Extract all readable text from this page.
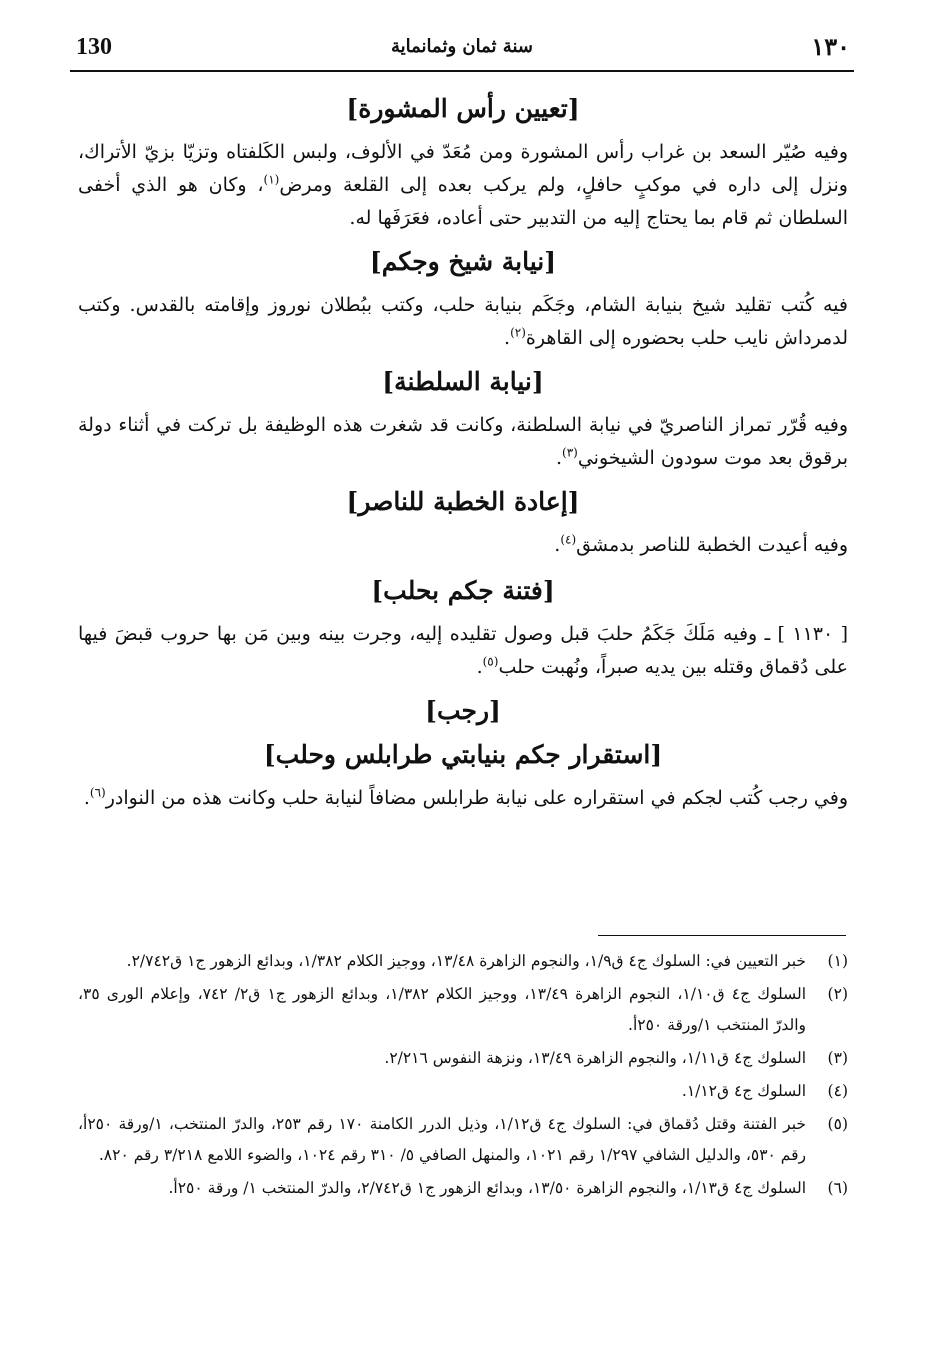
130	سنة ثمان وثمانماية	١٣٠
[تعيين رأس المشورة]

وفيه صُيّر السعد بن غراب رأس المشورة ومن مُعَدّ في الألوف، ولبس الكَلفتاه وتزيّا بزيّ الأتراك، ونزل إلى داره في موكبٍ حافلٍ، ولم يركب بعده إلى القلعة ومرض$^{(١)}$، وكان هو الذي أخفى السلطان ثم قام بما يحتاج إليه من التدبير حتى أعاده، فعَرَفَها له.

[نيابة شيخ وجكم]

فيه كُتب تقليد شيخ بنيابة الشام، وجَكَم بنيابة حلب، وكتب ببُطلان نوروز وإقامته بالقدس. وكتب لدمرداش نايب حلب بحضوره إلى القاهرة$^{(٢)}$.

[نيابة السلطنة]

وفيه قُرّر تمراز الناصريّ في نيابة السلطنة، وكانت قد شغرت هذه الوظيفة بل تركت في أثناء دولة برقوق بعد موت سودون الشيخوني$^{(٣)}$.

[إعادة الخطبة للناصر]

وفيه أعيدت الخطبة للناصر بدمشق$^{(٤)}$.

[فتنة جكم بحلب]

[ ١١٣٠ ] ـ وفيه مَلَكَ جَكَمُ حلبَ قبل وصول تقليده إليه، وجرت بينه وبين مَن بها حروب قبضَ فيها على دُقماق وقتله بين يديه صبراً، ونُهبت حلب$^{(٥)}$.

[رجب]
[استقرار جكم بنيابتي طرابلس وحلب]

وفي رجب كُتب لجكم في استقراره على نيابة طرابلس مضافاً لنيابة حلب وكانت هذه من النوادر$^{(٦)}$.

(١)
خبر التعيين في: السلوك ج٤ ق١/٩، والنجوم الزاهرة ١٣/٤٨، ووجيز الكلام ١/٣٨٢، وبدائع الزهور ج١ ق٢/٧٤٢.
(٢)
السلوك ج٤ ق١/١٠، النجوم الزاهرة ١٣/٤٩، ووجيز الكلام ١/٣٨٢، وبدائع الزهور ج١ ق٢/ ٧٤٢، وإعلام الورى ٣٥، والدرّ المنتخب ١/ورقة ٢٥٠أ.
(٣)
السلوك ج٤ ق١/١١، والنجوم الزاهرة ١٣/٤٩، ونزهة النفوس ٢/٢١٦.
(٤)
السلوك ج٤ ق١/١٢.
(٥)
خبر الفتنة وقتل دُقماق في: السلوك ج٤ ق١/١٢، وذيل الدرر الكامنة ١٧٠ رقم ٢٥٣، والدرّ المنتخب، ١/ورقة ٢٥٠أ، رقم ٥٣٠، والدليل الشافي ١/٢٩٧ رقم ١٠٢١، والمنهل الصافي ٥/ ٣١٠ رقم ١٠٢٤، والضوء اللامع ٣/٢١٨ رقم ٨٢٠.
(٦)
السلوك ج٤ ق١/١٣، والنجوم الزاهرة ١٣/٥٠، وبدائع الزهور ج١ ق٢/٧٤٢، والدرّ المنتخب ١/ ورقة ٢٥٠أ.
